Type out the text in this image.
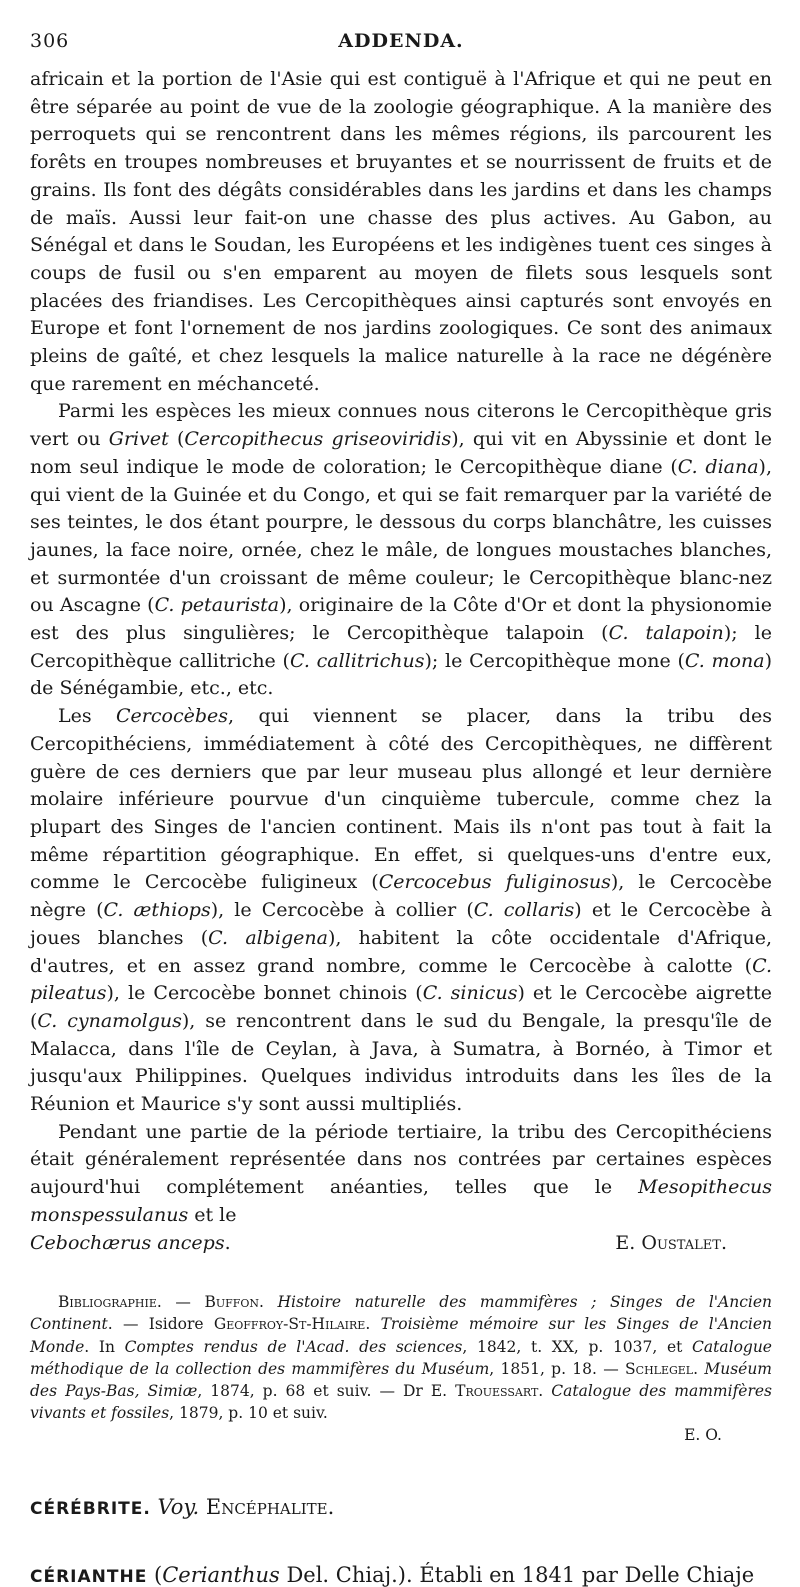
306	ADDENDA.

africain et la portion de l'Asie qui est contiguë à l'Afrique et qui ne peut en être séparée au point de vue de la zoologie géographique. A la manière des perroquets qui se rencontrent dans les mêmes régions, ils parcourent les forêts en troupes nombreuses et bruyantes et se nourrissent de fruits et de grains. Ils font des dégâts considérables dans les jardins et dans les champs de maïs. Aussi leur fait-on une chasse des plus actives. Au Gabon, au Sénégal et dans le Soudan, les Européens et les indigènes tuent ces singes à coups de fusil ou s'en emparent au moyen de filets sous lesquels sont placées des friandises. Les Cercopithèques ainsi capturés sont envoyés en Europe et font l'ornement de nos jardins zoologiques. Ce sont des animaux pleins de gaîté, et chez lesquels la malice naturelle à la race ne dégénère que rarement en méchanceté.

Parmi les espèces les mieux connues nous citerons le Cercopithèque gris vert ou Grivet (Cercopithecus griseoviridis), qui vit en Abyssinie et dont le nom seul indique le mode de coloration; le Cercopithèque diane (C. diana), qui vient de la Guinée et du Congo, et qui se fait remarquer par la variété de ses teintes, le dos étant pourpre, le dessous du corps blanchâtre, les cuisses jaunes, la face noire, ornée, chez le mâle, de longues moustaches blanches, et surmontée d'un croissant de même couleur; le Cercopithèque blanc-nez ou Ascagne (C. petaurista), originaire de la Côte d'Or et dont la physionomie est des plus singulières; le Cercopithèque talapoin (C. talapoin); le Cercopithèque callitriche (C. callitrichus); le Cercopithèque mone (C. mona) de Sénégambie, etc., etc.

Les Cercocèbes, qui viennent se placer, dans la tribu des Cercopithéciens, immédiatement à côté des Cercopithèques, ne diffèrent guère de ces derniers que par leur museau plus allongé et leur dernière molaire inférieure pourvue d'un cinquième tubercule, comme chez la plupart des Singes de l'ancien continent. Mais ils n'ont pas tout à fait la même répartition géographique. En effet, si quelques-uns d'entre eux, comme le Cercocèbe fuligineux (Cercocebus fuliginosus), le Cercocèbe nègre (C. æthiops), le Cercocèbe à collier (C. collaris) et le Cercocèbe à joues blanches (C. albigena), habitent la côte occidentale d'Afrique, d'autres, et en assez grand nombre, comme le Cercocèbe à calotte (C. pileatus), le Cercocèbe bonnet chinois (C. sinicus) et le Cercocèbe aigrette (C. cynamolgus), se rencontrent dans le sud du Bengale, la presqu'île de Malacca, dans l'île de Ceylan, à Java, à Sumatra, à Bornéo, à Timor et jusqu'aux Philippines. Quelques individus introduits dans les îles de la Réunion et Maurice s'y sont aussi multipliés.

Pendant une partie de la période tertiaire, la tribu des Cercopithéciens était généralement représentée dans nos contrées par certaines espèces aujourd'hui complétement anéanties, telles que le Mesopithecus monspessulanus et le

Cebochærus anceps.	E. Oustalet.
Bibliographie. — Buffon. Histoire naturelle des mammifères ; Singes de l'Ancien Continent. — Isidore Geoffroy-St-Hilaire. Troisième mémoire sur les Singes de l'Ancien Monde. In Comptes rendus de l'Acad. des sciences, 1842, t. XX, p. 1037, et Catalogue méthodique de la collection des mammifères du Muséum, 1851, p. 18. — Schlegel. Muséum des Pays-Bas, Simiæ, 1874, p. 68 et suiv. — Dr E. Trouessart. Catalogue des mammifères vivants et fossiles, 1879, p. 10 et suiv.
E. O.
CÉRÉBRITE. Voy. Encéphalite.
CÉRIANTHE (Cerianthus Del. Chiaj.). Établi en 1841 par Delle Chiaje
